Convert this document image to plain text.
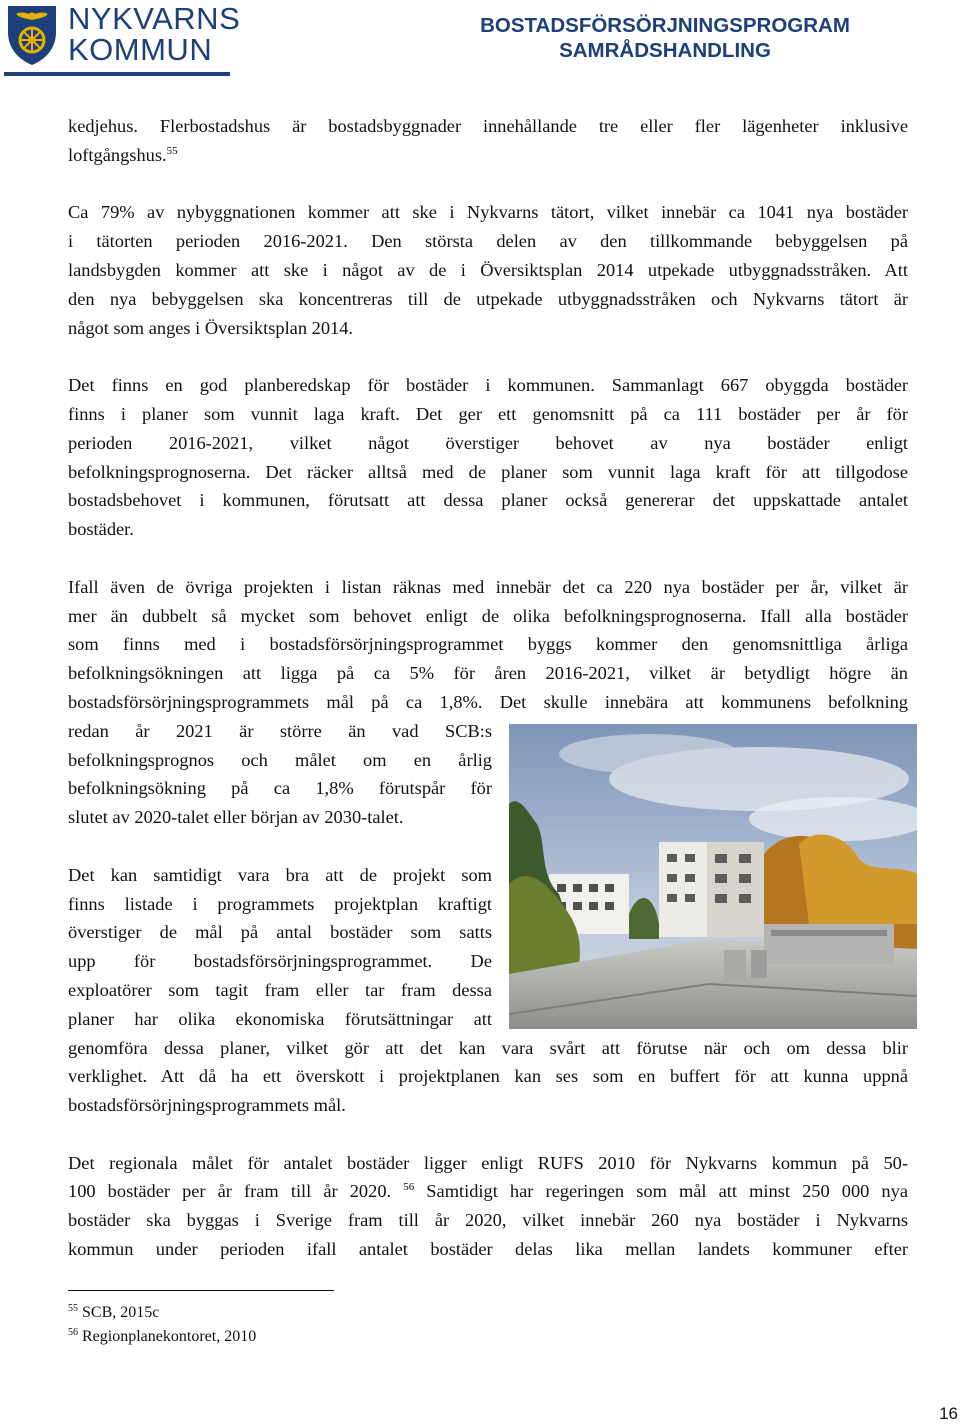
NYKVARNS
KOMMUN
BOSTADSFÖRSÖRJNINGSPROGRAM
SAMRÅDSHANDLING
kedjehus. Flerbostadshus är bostadsbyggnader innehållande tre eller fler lägenheter inklusive
loftgångshus.$^{55}$
Ca 79% av nybyggnationen kommer att ske i Nykvarns tätort, vilket innebär ca 1041 nya bostäder
i tätorten perioden 2016-2021. Den största delen av den tillkommande bebyggelsen på
landsbygden kommer att ske i något av de i Översiktsplan 2014 utpekade utbyggnadsstråken. Att
den nya bebyggelsen ska koncentreras till de utpekade utbyggnadsstråken och Nykvarns tätort är
något som anges i Översiktsplan 2014.
Det finns en god planberedskap för bostäder i kommunen. Sammanlagt 667 obyggda bostäder
finns i planer som vunnit laga kraft. Det ger ett genomsnitt på ca 111 bostäder per år för
perioden 2016-2021, vilket något överstiger behovet av nya bostäder enligt
befolkningsprognoserna. Det räcker alltså med de planer som vunnit laga kraft för att tillgodose
bostadsbehovet i kommunen, förutsatt att dessa planer också genererar det uppskattade antalet
bostäder.
Ifall även de övriga projekten i listan räknas med innebär det ca 220 nya bostäder per år, vilket är
mer än dubbelt så mycket som behovet enligt de olika befolkningsprognoserna. Ifall alla bostäder
som finns med i bostadsförsörjningsprogrammet byggs kommer den genomsnittliga årliga
befolkningsökningen att ligga på ca 5% för åren 2016-2021, vilket är betydligt högre än
bostadsförsörjningsprogrammets mål på ca 1,8%. Det skulle innebära att kommunens befolkning
redan år 2021 är större än vad SCB:s
befolkningsprognos och målet om en årlig
befolkningsökning på ca 1,8% förutspår för
slutet av 2020-talet eller början av 2030-talet.
Det kan samtidigt vara bra att de projekt som
finns listade i programmets projektplan kraftigt
överstiger de mål på antal bostäder som satts
upp för bostadsförsörjningsprogrammet. De
exploatörer som tagit fram eller tar fram dessa
planer har olika ekonomiska förutsättningar att
genomföra dessa planer, vilket gör att det kan vara svårt att förutse när och om dessa blir
verklighet. Att då ha ett överskott i projektplanen kan ses som en buffert för att kunna uppnå
bostadsförsörjningsprogrammets mål.
Det regionala målet för antalet bostäder ligger enligt RUFS 2010 för Nykvarns kommun på 50-
100 bostäder per år fram till år 2020. $^{56}$ Samtidigt har regeringen som mål att minst 250 000 nya
bostäder ska byggas i Sverige fram till år 2020, vilket innebär 260 nya bostäder i Nykvarns
kommun under perioden ifall antalet bostäder delas lika mellan landets kommuner efter
$^{55}$ SCB, 2015c
$^{56}$ Regionplanekontoret, 2010
16
